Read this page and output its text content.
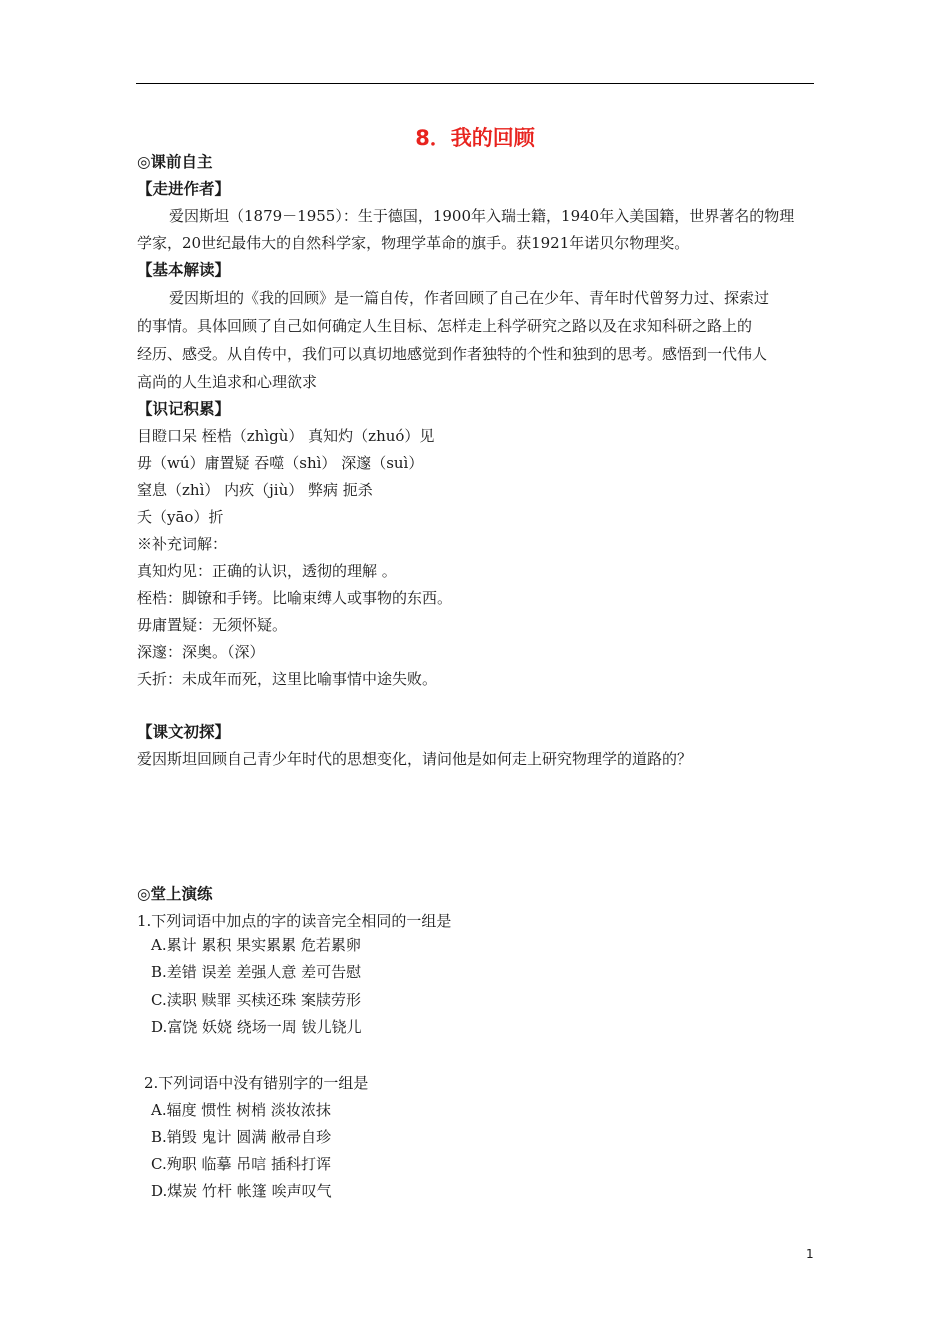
8．我的回顾
◎课前自主
【走进作者】
爱因斯坦（1879－1955）：生于德国，1900年入瑞士籍，1940年入美国籍，世界著名的物理
学家，20世纪最伟大的自然科学家，物理学革命的旗手。获1921年诺贝尔物理奖。
【基本解读】
爱因斯坦的《我的回顾》是一篇自传，作者回顾了自己在少年、青年时代曾努力过、探索过
的事情。具体回顾了自己如何确定人生目标、怎样走上科学研究之路以及在求知科研之路上的
经历、感受。从自传中，我们可以真切地感觉到作者独特的个性和独到的思考。感悟到一代伟人
高尚的人生追求和心理欲求
【识记积累】
目瞪口呆 桎梏（zhìgù） 真知灼（zhuó）见
毋（wú）庸置疑 吞噬（shì） 深邃（suì）
窒息（zhì） 内疚（jiù） 弊病 扼杀
夭（yāo）折
※补充词解：
真知灼见：正确的认识，透彻的理解 。
桎梏：脚镣和手铐。比喻束缚人或事物的东西。
毋庸置疑：无须怀疑。
深邃：深奥。（深）
夭折：未成年而死，这里比喻事情中途失败。
【课文初探】
爱因斯坦回顾自己青少年时代的思想变化，请问他是如何走上研究物理学的道路的？
◎堂上演练
1.下列词语中加点的字的读音完全相同的一组是
A.累计 累积 果实累累 危若累卵
B.差错 误差 差强人意 差可告慰
C.渎职 赎罪 买椟还珠 案牍劳形
D.富饶 妖娆 绕场一周 钹儿铙儿
2.下列词语中没有错别字的一组是
A.辐度 惯性 树梢 淡妆浓抹
B.销毁 鬼计 圆满 敝帚自珍
C.殉职 临摹 吊唁 插科打诨
D.煤炭 竹杆 帐篷 唉声叹气
1
